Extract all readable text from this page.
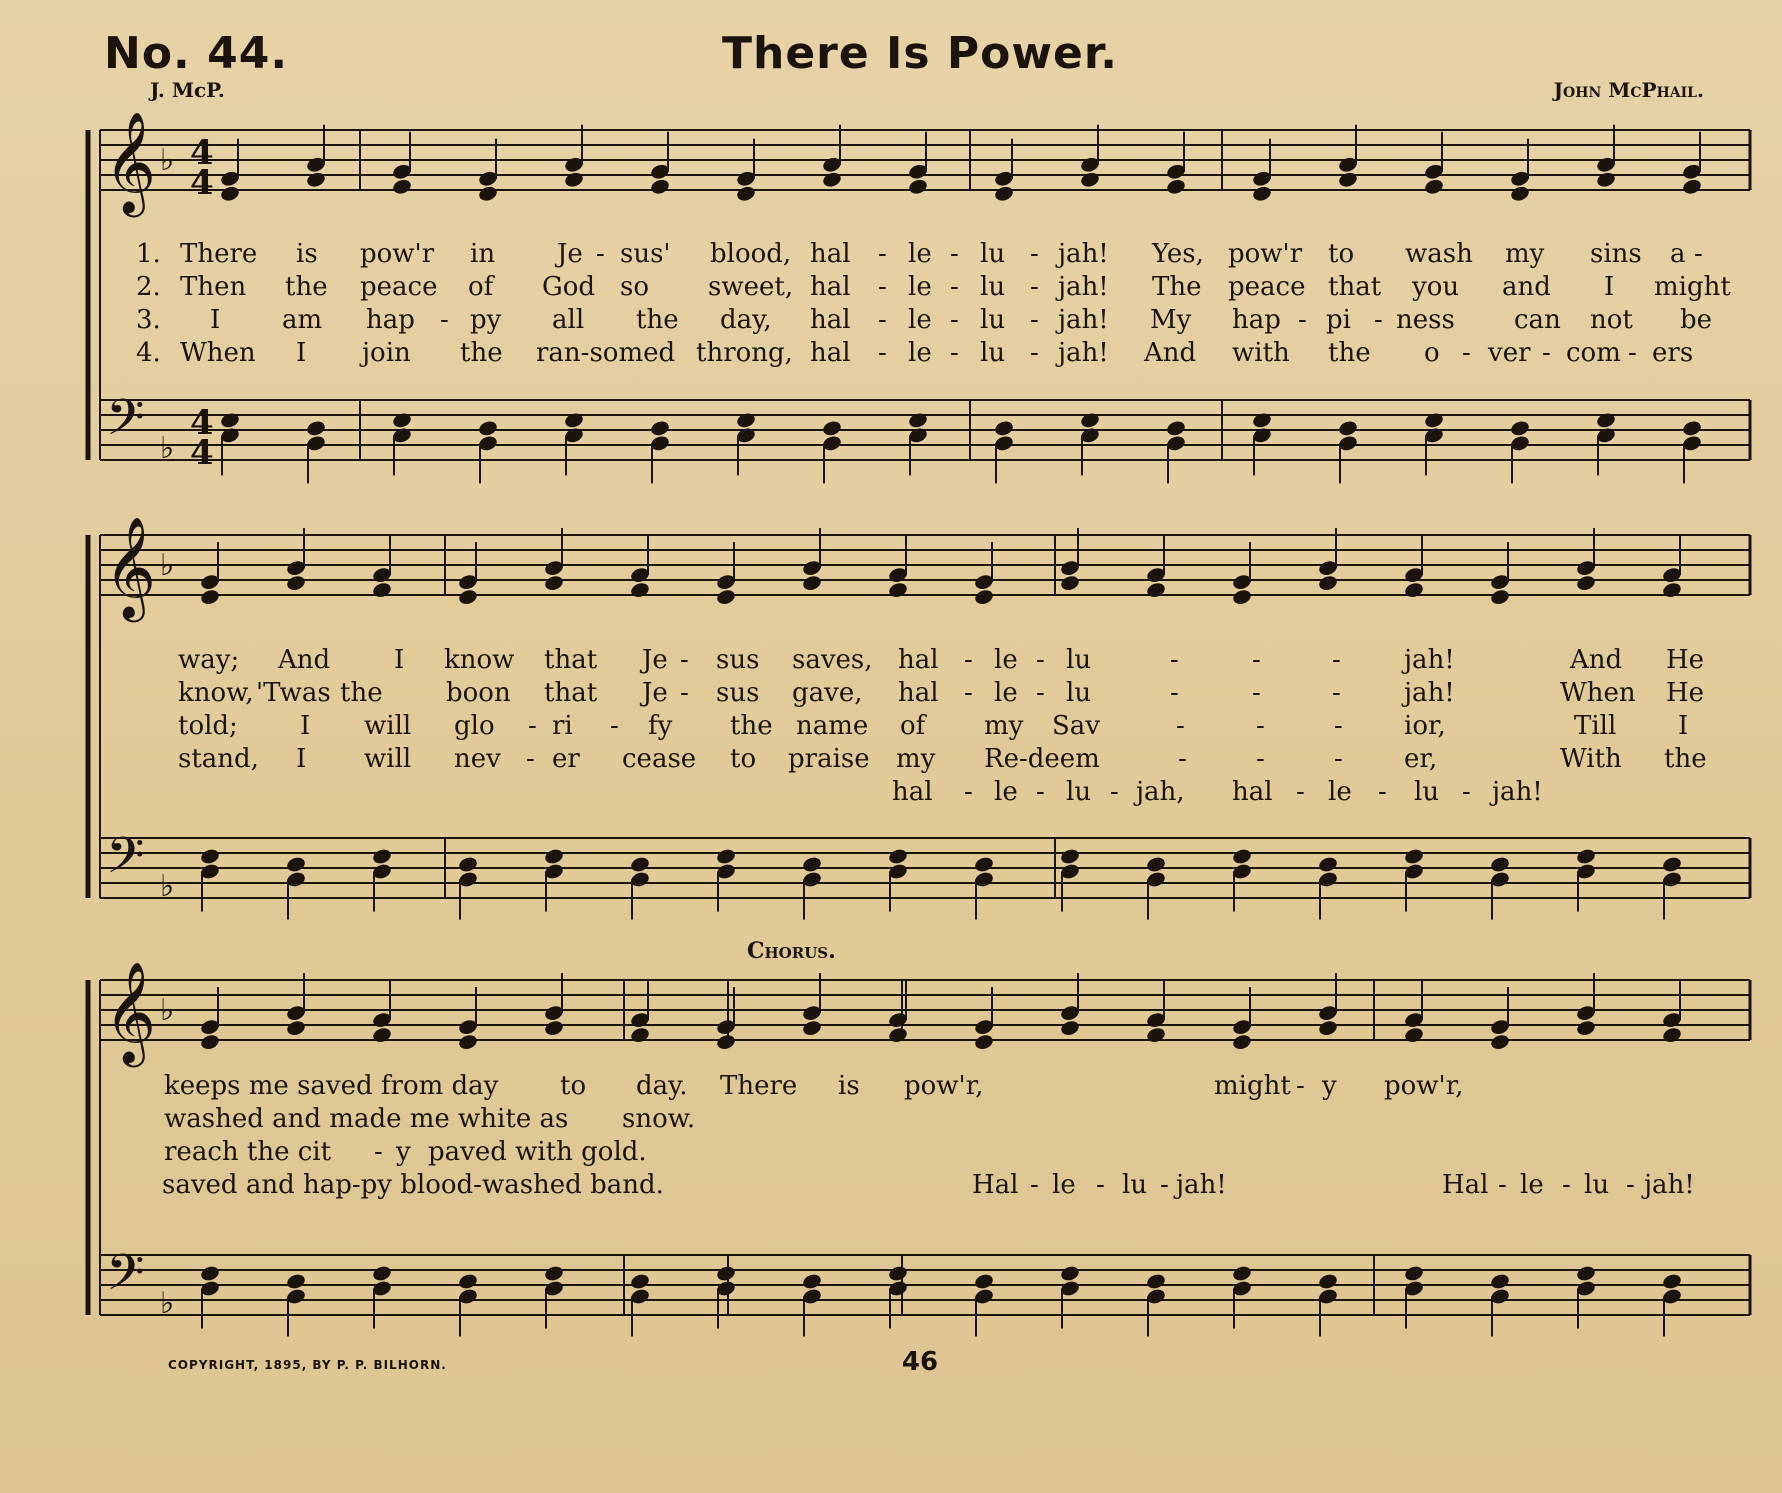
No. 44.	There Is Power.
J. McP.	John McPhail.
𝄞
𝄢
♭
♭
𝄞
𝄢
♭
♭
𝄞
𝄢
♭
♭
4
4
4
4
Chorus.
1. There is pow'r in Je - sus' blood, hal - le - lu - jah! Yes, pow'r to wash my sins a -
2. Then the peace of God so sweet, hal - le - lu - jah! The peace that you and I might
3. I am hap - py all the day, hal - le - lu - jah! My hap - pi - ness can not be
4. When I join the ran-somed throng, hal - le - lu - jah! And with the o - ver - com - ers
way; And I know that Je - sus saves, hal - le - lu	-	-	- jah!	And He
know, 'Twas the boon that Je - sus gave, hal - le - lu	-	-	- jah!	When He
told; I will glo - ri - fy the name of my Sav	-	-	- ior,	Till I
stand, I will nev - er cease to praise my Re-deem	-	-	- er,	With the
hal - le - lu - jah, hal - le - lu - jah!
keeps me saved from day to day. There is pow'r,	might - y pow'r,
washed and made me white as snow.
reach the cit - y paved with gold.
saved and hap-py blood-washed band.	Hal - le - lu - jah!	Hal - le - lu - jah!
COPYRIGHT, 1895, BY P. P. BILHORN.	46
